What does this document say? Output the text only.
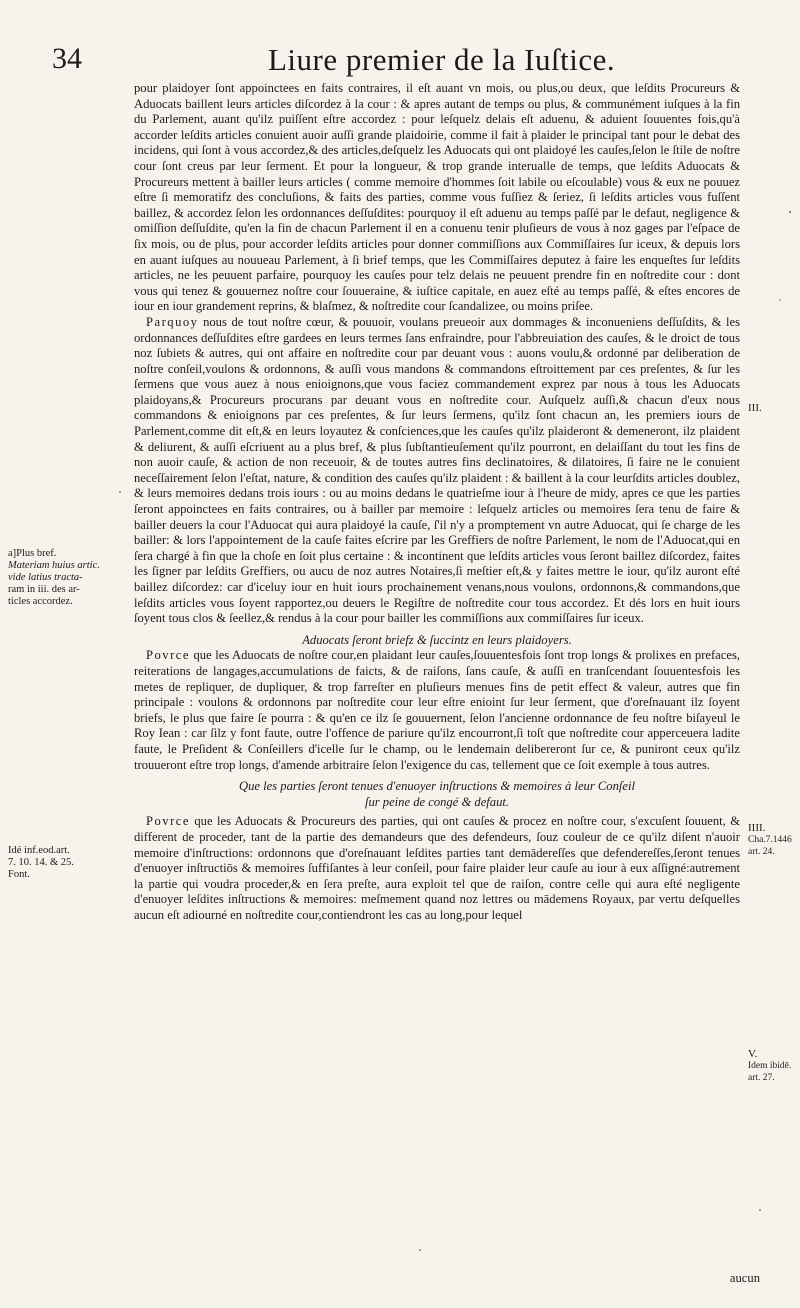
34	Liure premier de la Iuſtice.

pour plaidoyer ſont appoinctees en faits contraires, il eſt auant vn mois, ou plus,ou deux, que leſdits Procureurs & Aduocats baillent leurs articles diſcordez à la cour : & apres autant de temps ou plus, & communément iuſques à la fin du Parlement, auant qu'ilz puiſſent eſtre accordez : pour leſquelz delais eſt aduenu, & aduient ſouuentes fois,qu'à accorder leſdits articles conuient auoir auſſi grande plaidoirie, comme il fait à plaider le principal tant pour le debat des incidens, qui ſont à vous accordez,& des articles,deſquelz les Aduocats qui ont plaidoyé les cauſes,ſelon le ſtile de noſtre cour ſont creus par leur ſerment. Et pour la longueur, & trop grande interualle de temps, que leſdits Aduocats & Procureurs mettent à bailler leurs articles ( comme memoire d'hommes ſoit labile ou eſcoulable) vous & eux ne pouuez eſtre ſi memoratifz des concluſions, & faits des parties, comme vous fuſſiez & ſeriez, ſi leſdits articles vous fuſſent baillez, & accordez ſelon les ordonnances deſſuſdites: pourquoy il eſt aduenu au temps paſſé par le defaut, negligence & omiſſion deſſuſdite, qu'en la fin de chacun Parlement il en a conuenu tenir pluſieurs de vous à noz gages par l'eſpace de ſix mois, ou de plus, pour accorder leſdits articles pour donner commiſſions aux Commiſſaires ſur iceux, & depuis lors en auant iuſques au nouueau Parlement, à ſi brief temps, que les Commiſſaires deputez à faire les enqueſtes ſur leſdits articles, ne les peuuent parfaire, pourquoy les cauſes pour telz delais ne peuuent prendre fin en noſtredite cour : dont vous qui tenez & gouuernez noſtre cour ſouueraine, & iuſtice capitale, en auez eſté au temps paſſé, & eſtes encores de iour en iour grandement reprins, & blaſmez, & noſtredite cour ſcandalizee, ou moins priſee.

Parquoy nous de tout noſtre cœur, & pouuoir, voulans preueoir aux dommages & inconueniens deſſuſdits, & les ordonnances deſſuſdites eſtre gardees en leurs termes ſans enfraindre, pour l'abbreuiation des cauſes, & le droict de tous noz ſubiets & autres, qui ont affaire en noſtredite cour par deuant vous : auons voulu,& ordonné par deliberation de noſtre conſeil,voulons & ordonnons, & auſſi vous mandons & commandons eſtroittement par ces preſentes, & ſur les ſermens que vous auez à nous enioignons,que vous faciez commandement exprez par nous à tous les Aduocats plaidoyans,& Procureurs procurans par deuant vous en noſtredite cour. Auſquelz auſſi,& chacun d'eux nous commandons & enioignons par ces preſentes, & ſur leurs ſermens, qu'ilz ſont chacun an, les premiers iours de Parlement,comme dit eſt,& en leurs loyautez & conſciences,que les cauſes qu'ilz plaideront & demeneront, ilz plaident & deliurent, & auſſi eſcriuent au a plus bref, & plus ſubſtantieuſement qu'ilz pourront, en delaiſſant du tout les fins de non auoir cauſe, & action de non receuoir, & de toutes autres fins declinatoires, & dilatoires, ſi faire ne le conuient neceſſairement ſelon l'eſtat, nature, & condition des cauſes qu'ilz plaident : & baillent à la cour leurſdits articles doublez, & leurs memoires dedans trois iours : ou au moins dedans le quatrieſme iour à l'heure de midy, apres ce que les parties ſeront appoinctees en faits contraires, ou à bailler par memoire : leſquelz articles ou memoires ſera tenu de faire & bailler deuers la cour l'Aduocat qui aura plaidoyé la cauſe, ſ'il n'y a promptement vn autre Aduocat, qui ſe charge de les bailler: & lors l'appointement de la cauſe faites eſcrire par les Greffiers de noſtre Parlement, le nom de l'Aduocat,qui en ſera chargé à fin que la choſe en ſoit plus certaine : & incontinent que leſdits articles vous ſeront baillez diſcordez, faites les ſigner par leſdits Greffiers, ou aucu de noz autres Notaires,ſi meſtier eſt,& y faites mettre le iour, qu'ilz auront eſté baillez diſcordez: car d'iceluy iour en huit iours prochainement venans,nous voulons, ordonnons,& commandons,que leſdits articles vous ſoyent rapportez,ou deuers le Regiſtre de noſtredite cour tous accordez. Et dés lors en huit iours ſoyent tous clos & ſeellez,& rendus à la cour pour bailler les commiſſions aux commiſſaires ſur iceux.

Aduocats ſeront briefz & ſuccintz en leurs plaidoyers.

Povrce que les Aduocats de noſtre cour,en plaidant leur cauſes,ſouuentesfois ſont trop longs & prolixes en prefaces, reiterations de langages,accumulations de faicts, & de raiſons, ſans cauſe, & auſſi en tranſcendant ſouuentesfois les metes de repliquer, de dupliquer, & trop farreſter en pluſieurs menues fins de petit effect & valeur, autres que fin principale : voulons & ordonnons par noſtredite cour leur eſtre enioint ſur leur ſerment, que d'oreſnauant ilz ſoyent briefs, le plus que faire ſe pourra : & qu'en ce ilz ſe gouuernent, ſelon l'ancienne ordonnance de feu noſtre biſayeul le Roy Iean : car ſilz y font faute, outre l'offence de pariure qu'ilz encourront,ſi toſt que noſtredite cour apperceuera ladite faute, le Preſident & Conſeillers d'icelle ſur le champ, ou le lendemain delibereront ſur ce, & puniront ceux qu'ilz trouueront eſtre trop longs, d'amende arbitraire ſelon l'exigence du cas, tellement que ce ſoit exemple à tous autres.

Que les parties ſeront tenues d'enuoyer inſtructions & memoires à leur Conſeil
ſur peine de congé & defaut.

Povrce que les Aduocats & Procureurs des parties, qui ont cauſes & procez en noſtre cour, s'excuſent ſouuent, & different de proceder, tant de la partie des demandeurs que des defendeurs, ſouz couleur de ce qu'ilz diſent n'auoir memoire d'inſtructions: ordonnons que d'oreſnauant leſdites parties tant demādereſſes que defendereſſes,ſeront tenues d'enuoyer inſtructiōs & memoires ſuffiſantes à leur conſeil, pour faire plaider leur cauſe au iour à eux aſſigné:autrement la partie qui voudra proceder,& en ſera preſte, aura exploit tel que de raiſon, contre celle qui aura eſté negligente d'enuoyer leſdites inſtructions & memoires: meſmement quand noz lettres ou mādemens Royaux, par vertu deſquelles aucun eſt adiourné en noſtredite cour,contiendront les cas au long,pour lequel

aucun
III.
IIII.
Cha.7.1446
art. 24.
V.
Idem ibidē.
art. 27.
a]Plus bref.
Materiam huius artic.
vide latius tracta-
ram in iii. des ar-
ticles accordez.
Idé inf.eod.art.
7. 10. 14. & 25.
Font.
